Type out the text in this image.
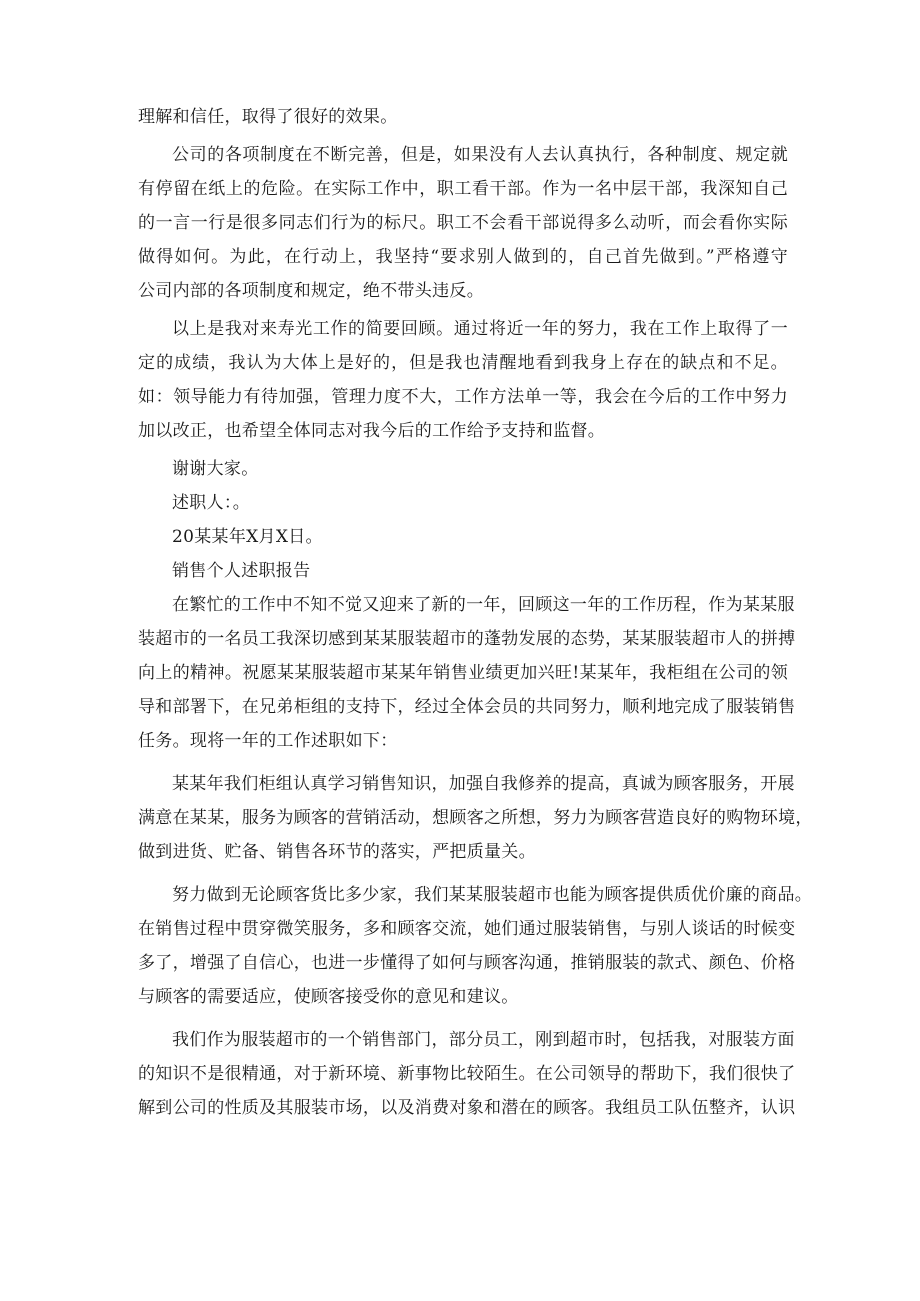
理解和信任，取得了很好的效果。
公司的各项制度在不断完善，但是，如果没有人去认真执行，各种制度、规定就
有停留在纸上的危险。在实际工作中，职工看干部。作为一名中层干部，我深知自己
的一言一行是很多同志们行为的标尺。职工不会看干部说得多么动听，而会看你实际
做得如何。为此，在行动上，我坚持“要求别人做到的，自己首先做到。”严格遵守
公司内部的各项制度和规定，绝不带头违反。
以上是我对来寿光工作的简要回顾。通过将近一年的努力，我在工作上取得了一
定的成绩，我认为大体上是好的，但是我也清醒地看到我身上存在的缺点和不足。
如：领导能力有待加强，管理力度不大，工作方法单一等，我会在今后的工作中努力
加以改正，也希望全体同志对我今后的工作给予支持和监督。
谢谢大家。
述职人：。
20某某年X月X日。
销售个人述职报告
在繁忙的工作中不知不觉又迎来了新的一年，回顾这一年的工作历程，作为某某服
装超市的一名员工我深切感到某某服装超市的蓬勃发展的态势，某某服装超市人的拼搏
向上的精神。祝愿某某服装超市某某年销售业绩更加兴旺!某某年，我柜组在公司的领
导和部署下，在兄弟柜组的支持下，经过全体会员的共同努力，顺利地完成了服装销售
任务。现将一年的工作述职如下：
某某年我们柜组认真学习销售知识，加强自我修养的提高，真诚为顾客服务，开展
满意在某某，服务为顾客的营销活动，想顾客之所想，努力为顾客营造良好的购物环境，
做到进货、贮备、销售各环节的落实，严把质量关。
努力做到无论顾客货比多少家，我们某某服装超市也能为顾客提供质优价廉的商品。
在销售过程中贯穿微笑服务，多和顾客交流，她们通过服装销售，与别人谈话的时候变
多了，增强了自信心，也进一步懂得了如何与顾客沟通，推销服装的款式、颜色、价格
与顾客的需要适应，使顾客接受你的意见和建议。
我们作为服装超市的一个销售部门，部分员工，刚到超市时，包括我，对服装方面
的知识不是很精通，对于新环境、新事物比较陌生。在公司领导的帮助下，我们很快了
解到公司的性质及其服装市场，以及消费对象和潜在的顾客。我组员工队伍整齐，认识
